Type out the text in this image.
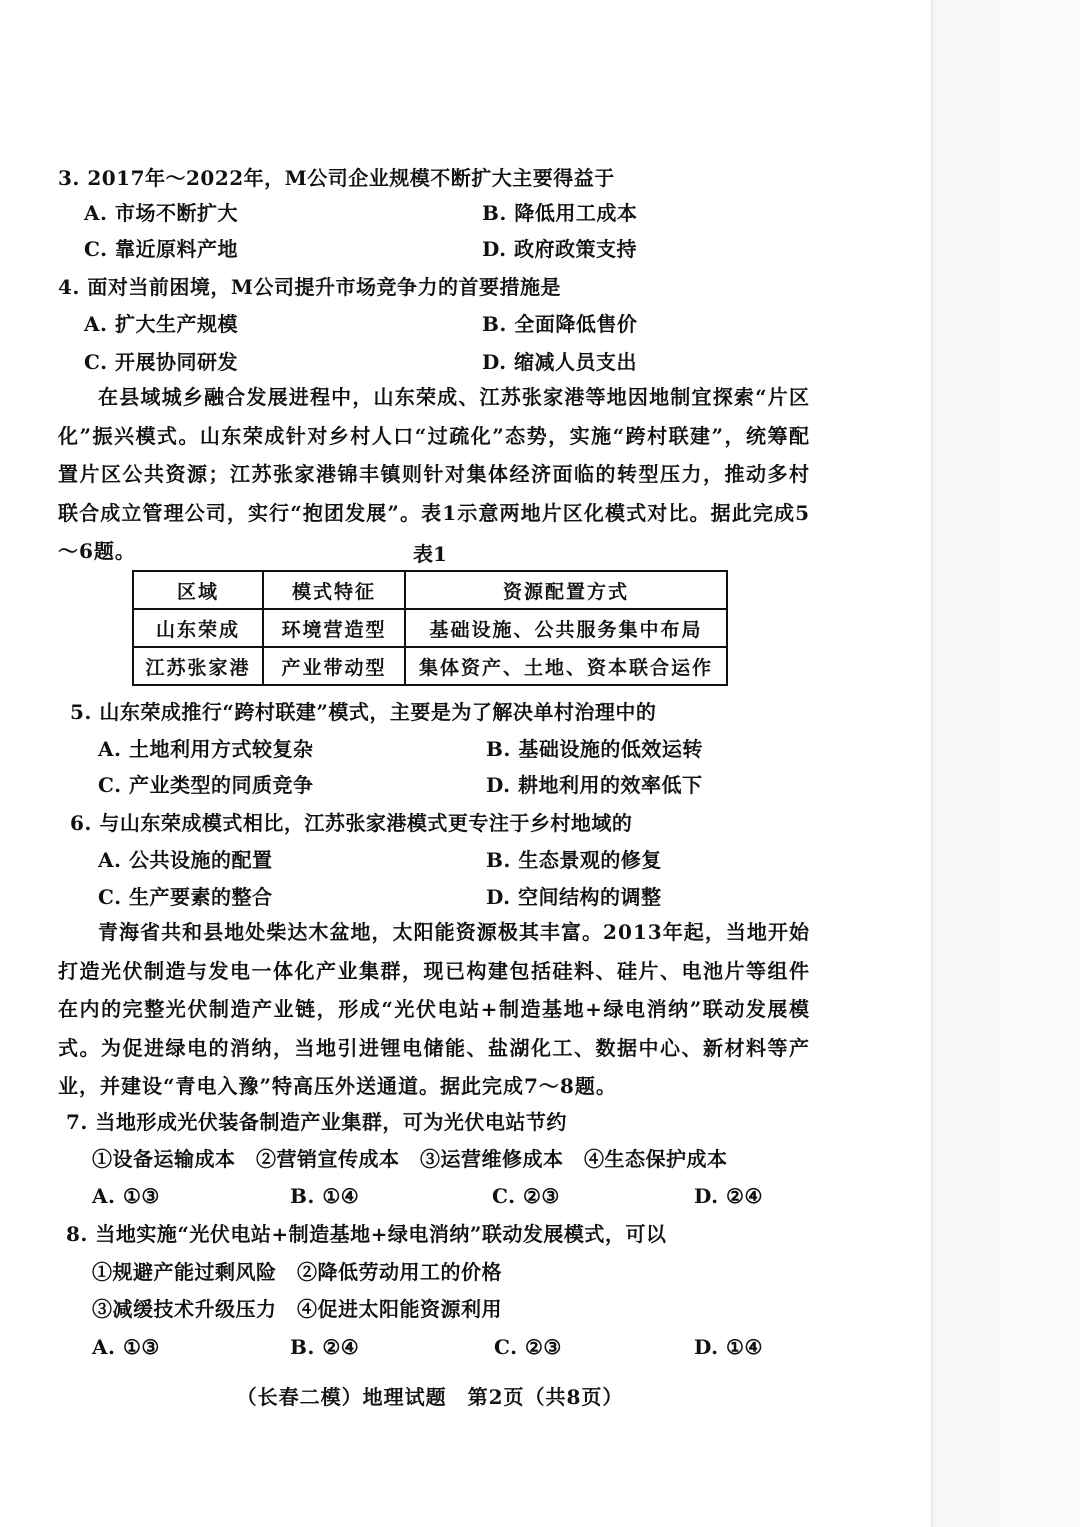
3. 2017年～2022年，M公司企业规模不断扩大主要得益于
A. 市场不断扩大	B. 降低用工成本
C. 靠近原料产地	D. 政府政策支持
4. 面对当前困境，M公司提升市场竞争力的首要措施是
A. 扩大生产规模	B. 全面降低售价
C. 开展协同研发	D. 缩减人员支出
在县域城乡融合发展进程中，山东荣成、江苏张家港等地因地制宜探索“片区化”振兴模式。山东荣成针对乡村人口“过疏化”态势，实施“跨村联建”，统筹配置片区公共资源；江苏张家港锦丰镇则针对集体经济面临的转型压力，推动多村联合成立管理公司，实行“抱团发展”。表1示意两地片区化模式对比。据此完成5～6题。	表1
区域	模式特征	资源配置方式
山东荣成	环境营造型	基础设施、公共服务集中布局
江苏张家港	产业带动型	集体资产、土地、资本联合运作
5. 山东荣成推行“跨村联建”模式，主要是为了解决单村治理中的
A. 土地利用方式较复杂	B. 基础设施的低效运转
C. 产业类型的同质竞争	D. 耕地利用的效率低下
6. 与山东荣成模式相比，江苏张家港模式更专注于乡村地域的
A. 公共设施的配置	B. 生态景观的修复
C. 生产要素的整合	D. 空间结构的调整
青海省共和县地处柴达木盆地，太阳能资源极其丰富。2013年起，当地开始打造光伏制造与发电一体化产业集群，现已构建包括硅料、硅片、电池片等组件在内的完整光伏制造产业链，形成“光伏电站+制造基地+绿电消纳”联动发展模式。为促进绿电的消纳，当地引进锂电储能、盐湖化工、数据中心、新材料等产业，并建设“青电入豫”特高压外送通道。据此完成7～8题。
7. 当地形成光伏装备制造产业集群，可为光伏电站节约
①设备运输成本　②营销宣传成本　③运营维修成本　④生态保护成本
A. ①③	B. ①④	C. ②③	D. ②④
8. 当地实施“光伏电站+制造基地+绿电消纳”联动发展模式，可以
①规避产能过剩风险　②降低劳动用工的价格
③减缓技术升级压力　④促进太阳能资源利用
A. ①③	B. ②④	C. ②③	D. ①④
（长春二模）地理试题　第2页（共8页）
